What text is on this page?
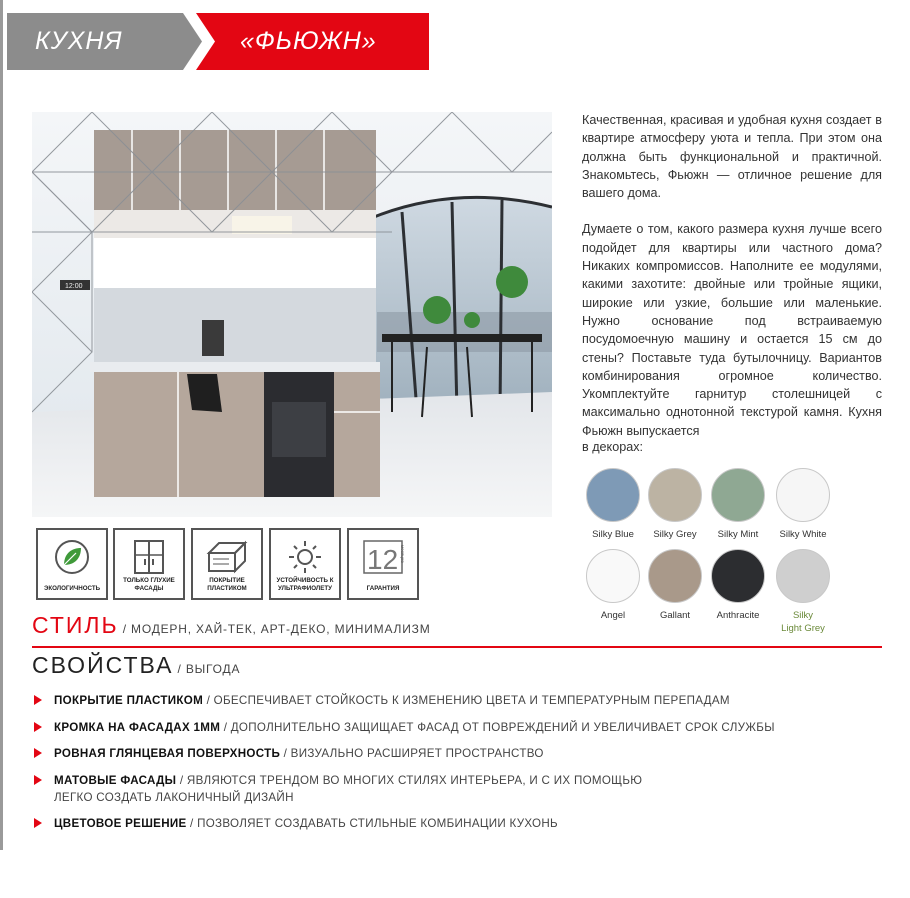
КУХНЯ	«ФЬЮЖН»
12:00

Качественная, красивая и удобная кухня создает в квартире атмосферу уюта и тепла. При этом она должна быть функциональной и практичной. Знакомьтесь, Фьюжн — отличное решение для вашего дома.

Думаете о том, какого размера кухня лучше всего подойдет для квартиры или частного дома? Никаких компромиссов. Наполните ее модулями, какими захотите: двойные или тройные ящики, широкие или узкие, большие или маленькие. Нужно основание под встраиваемую посудомоечную машину и остается 15 см до стены? Поставьте туда бутылочницу. Вариантов комбинирования огромное количество. Укомплектуйте гарнитур столешницей с максимально однотонной текстурой камня. Кухня Фьюжн выпускается

в декорах:
Silky Blue	Silky Grey	Silky Mint	Silky White
Angel	Gallant	Anthracite	Silky
Light Grey
ЭКОЛОГИЧНОСТЬ
ТОЛЬКО ГЛУХИЕ ФАСАДЫ
ПОКРЫТИЕ ПЛАСТИКОМ
УСТОЙЧИВОСТЬ К УЛЬТРАФИОЛЕТУ
12 месяцев
ГАРАНТИЯ
СТИЛЬ / МОДЕРН, ХАЙ-ТЕК, АРТ-ДЕКО, МИНИМАЛИЗМ
СВОЙСТВА / ВЫГОДА
ПОКРЫТИЕ ПЛАСТИКОМ / ОБЕСПЕЧИВАЕТ СТОЙКОСТЬ К ИЗМЕНЕНИЮ ЦВЕТА И ТЕМПЕРАТУРНЫМ ПЕРЕПАДАМ
КРОМКА НА ФАСАДАХ 1ММ / ДОПОЛНИТЕЛЬНО ЗАЩИЩАЕТ ФАСАД ОТ ПОВРЕЖДЕНИЙ И УВЕЛИЧИВАЕТ СРОК СЛУЖБЫ
РОВНАЯ ГЛЯНЦЕВАЯ ПОВЕРХНОСТЬ / ВИЗУАЛЬНО РАСШИРЯЕТ ПРОСТРАНСТВО
МАТОВЫЕ ФАСАДЫ / ЯВЛЯЮТСЯ ТРЕНДОМ ВО МНОГИХ СТИЛЯХ ИНТЕРЬЕРА, И С ИХ ПОМОЩЬЮ
ЛЕГКО СОЗДАТЬ ЛАКОНИЧНЫЙ ДИЗАЙН
ЦВЕТОВОЕ РЕШЕНИЕ / ПОЗВОЛЯЕТ СОЗДАВАТЬ СТИЛЬНЫЕ КОМБИНАЦИИ КУХОНЬ
